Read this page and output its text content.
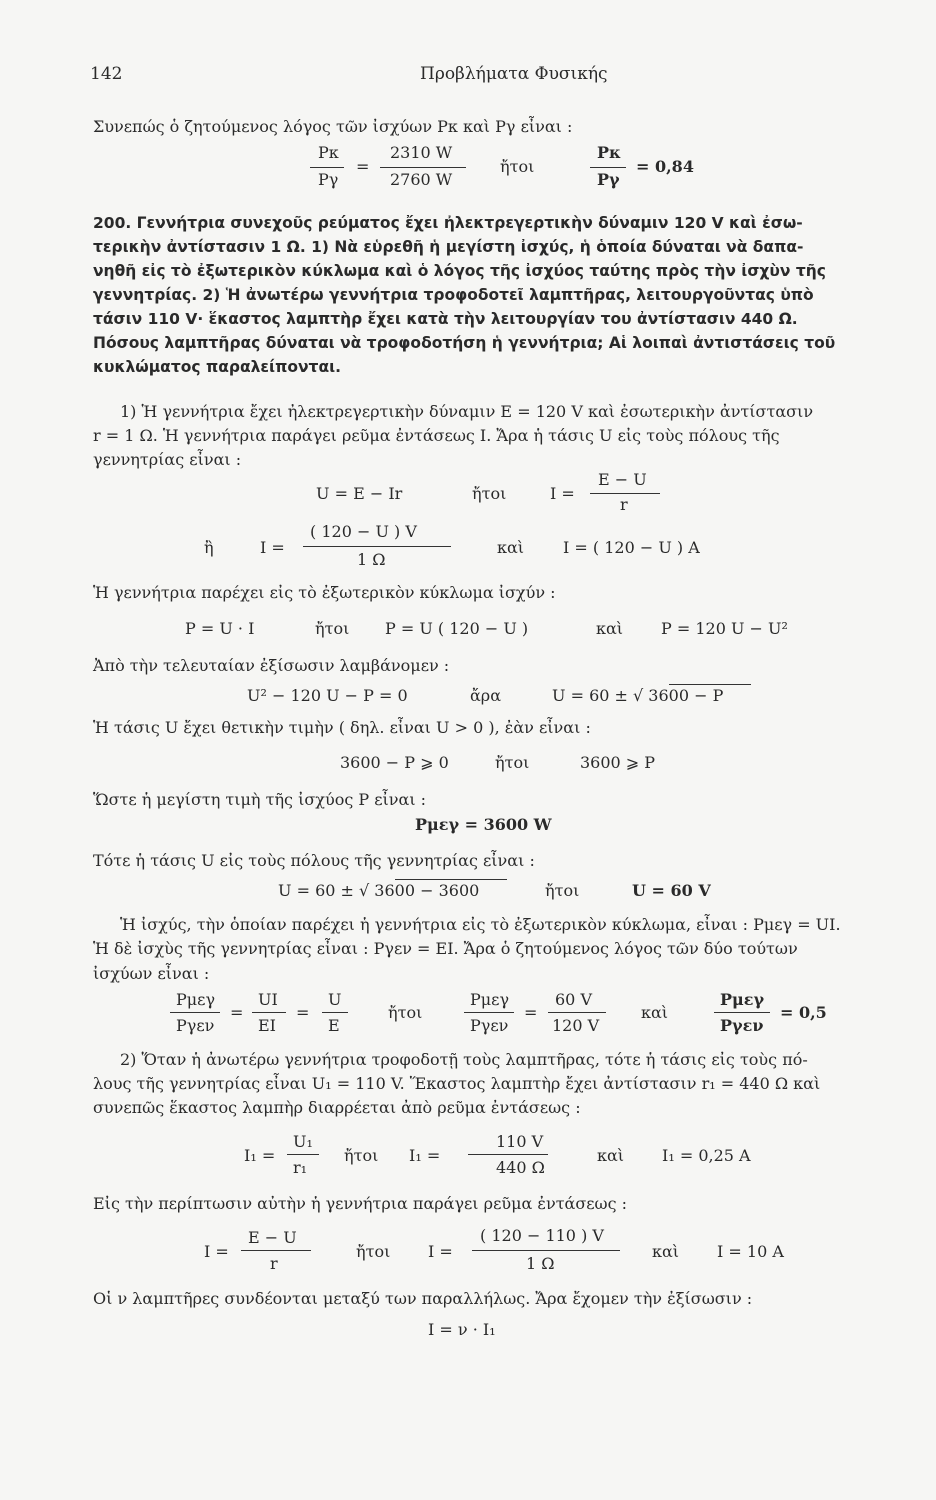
142	Προβλήματα Φυσικής
Συνεπώς ὁ ζητούμενος λόγος τῶν ἰσχύων Pκ καὶ Pγ εἶναι :
Pκ
Pγ
=
2310 W
2760 W
ἤτοι
Pκ
Pγ
= 0,84
200. Γεννήτρια συνεχοῦς ρεύματος ἔχει ἠλεκτρεγερτικὴν δύναμιν 120 V καὶ ἐσω-
τερικὴν ἀντίστασιν 1 Ω. 1) Νὰ εὑρεθῆ ἡ μεγίστη ἰσχύς, ἡ ὁποία δύναται νὰ δαπα-
νηθῆ εἰς τὸ ἐξωτερικὸν κύκλωμα καὶ ὁ λόγος τῆς ἰσχύος ταύτης πρὸς τὴν ἰσχὺν τῆς
γεννητρίας. 2) Ἡ ἀνωτέρω γεννήτρια τροφοδοτεῖ λαμπτῆρας, λειτουργοῦντας ὑπὸ
τάσιν 110 V· ἕκαστος λαμπτὴρ ἔχει κατὰ τὴν λειτουργίαν του ἀντίστασιν 440 Ω.
Πόσους λαμπτῆρας δύναται νὰ τροφοδοτήση ἡ γεννήτρια; Αἱ λοιπαὶ ἀντιστάσεις τοῦ
κυκλώματος παραλείπονται.
1) Ἡ γεννήτρια ἔχει ἠλεκτρεγερτικὴν δύναμιν E = 120 V καὶ ἐσωτερικὴν ἀντίστασιν
r = 1 Ω. Ἡ γεννήτρια παράγει ρεῦμα ἐντάσεως I. Ἄρα ἡ τάσις U εἰς τοὺς πόλους τῆς
γεννητρίας εἶναι :
U = E − Ir	ἤτοι	I =
E − U
r
ἢ	I =
( 120 − U ) V
1 Ω
καὶ I = ( 120 − U ) A
Ἡ γεννήτρια παρέχει εἰς τὸ ἐξωτερικὸν κύκλωμα ἰσχύν :
P = U · I	ἤτοι P = U ( 120 − U )	καὶ P = 120 U − U²
Ἀπὸ τὴν τελευταίαν ἐξίσωσιν λαμβάνομεν :
U² − 120 U − P = 0	ἄρα	U = 60 ± √ 3600 − P
Ἡ τάσις U ἔχει θετικὴν τιμὴν ( δηλ. εἶναι U > 0 ), ἐὰν εἶναι :
3600 − P ⩾ 0	ἤτοι	3600 ⩾ P
Ὥστε ἡ μεγίστη τιμὴ τῆς ἰσχύος P εἶναι :
Pμεγ = 3600 W
Τότε ἡ τάσις U εἰς τοὺς πόλους τῆς γεννητρίας εἶναι :
U = 60 ± √ 3600 − 3600	ἤτοι	U = 60 V
Ἡ ἰσχύς, τὴν ὁποίαν παρέχει ἡ γεννήτρια εἰς τὸ ἐξωτερικὸν κύκλωμα, εἶναι : Pμεγ = UI.
Ἡ δὲ ἰσχὺς τῆς γεννητρίας εἶναι : Pγεν = EI. Ἄρα ὁ ζητούμενος λόγος τῶν δύο τούτων
ἰσχύων εἶναι :
Pμεγ
Pγεν
=
UI
EI
=
U
E
ἤτοι
Pμεγ
Pγεν
=
60 V
120 V
καὶ
Pμεγ
Pγεν
= 0,5
2) Ὅταν ἡ ἀνωτέρω γεννήτρια τροφοδοτῇ τοὺς λαμπτῆρας, τότε ἡ τάσις εἰς τοὺς πό-
λους τῆς γεννητρίας εἶναι U₁ = 110 V. Ἕκαστος λαμπτὴρ ἔχει ἀντίστασιν r₁ = 440 Ω καὶ
συνεπῶς ἕκαστος λαμπὴρ διαρρέεται ἀπὸ ρεῦμα ἐντάσεως :
I₁ =
U₁
r₁
ἤτοι I₁ =
110 V
440 Ω
καὶ I₁ = 0,25 A
Εἰς τὴν περίπτωσιν αὐτὴν ἡ γεννήτρια παράγει ρεῦμα ἐντάσεως :
I =
E − U
r
ἤτοι I =
( 120 − 110 ) V
1 Ω
καὶ I = 10 A
Οἱ ν λαμπτῆρες συνδέονται μεταξύ των παραλλήλως. Ἄρα ἔχομεν τὴν ἐξίσωσιν :
I = ν · I₁
